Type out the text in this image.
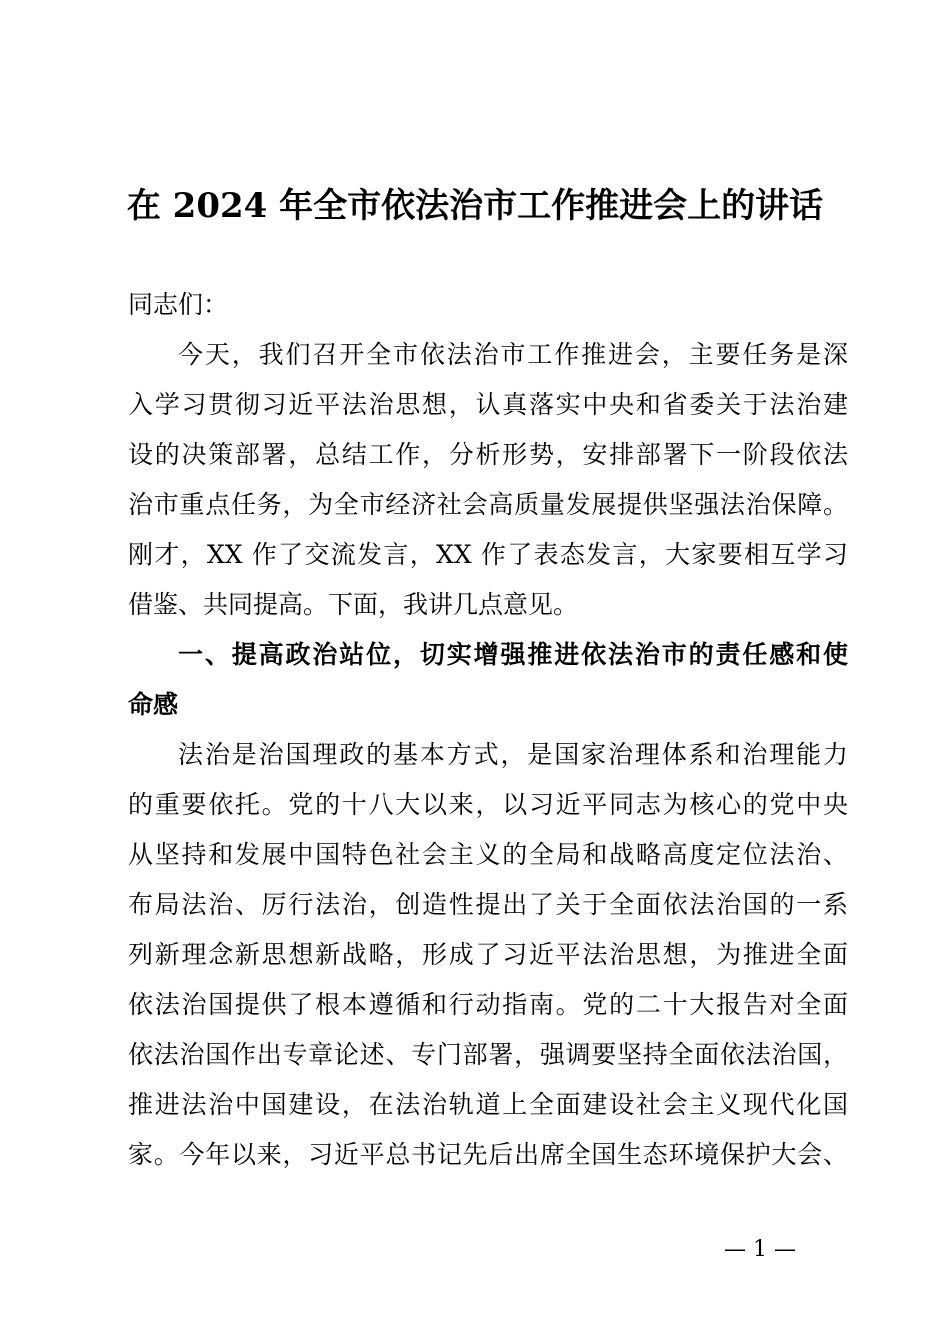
在 2024 年全市依法治市工作推进会上的讲话
同志们：
今天，我们召开全市依法治市工作推进会，主要任务是深
入学习贯彻习近平法治思想，认真落实中央和省委关于法治建
设的决策部署，总结工作，分析形势，安排部署下一阶段依法
治市重点任务，为全市经济社会高质量发展提供坚强法治保障。
刚才，XX 作了交流发言，XX 作了表态发言，大家要相互学习
借鉴、共同提高。下面，我讲几点意见。
一、提高政治站位，切实增强推进依法治市的责任感和使
命感
法治是治国理政的基本方式，是国家治理体系和治理能力
的重要依托。党的十八大以来，以习近平同志为核心的党中央
从坚持和发展中国特色社会主义的全局和战略高度定位法治、
布局法治、厉行法治，创造性提出了关于全面依法治国的一系
列新理念新思想新战略，形成了习近平法治思想，为推进全面
依法治国提供了根本遵循和行动指南。党的二十大报告对全面
依法治国作出专章论述、专门部署，强调要坚持全面依法治国，
推进法治中国建设，在法治轨道上全面建设社会主义现代化国
家。今年以来，习近平总书记先后出席全国生态环境保护大会、
— 1 —
